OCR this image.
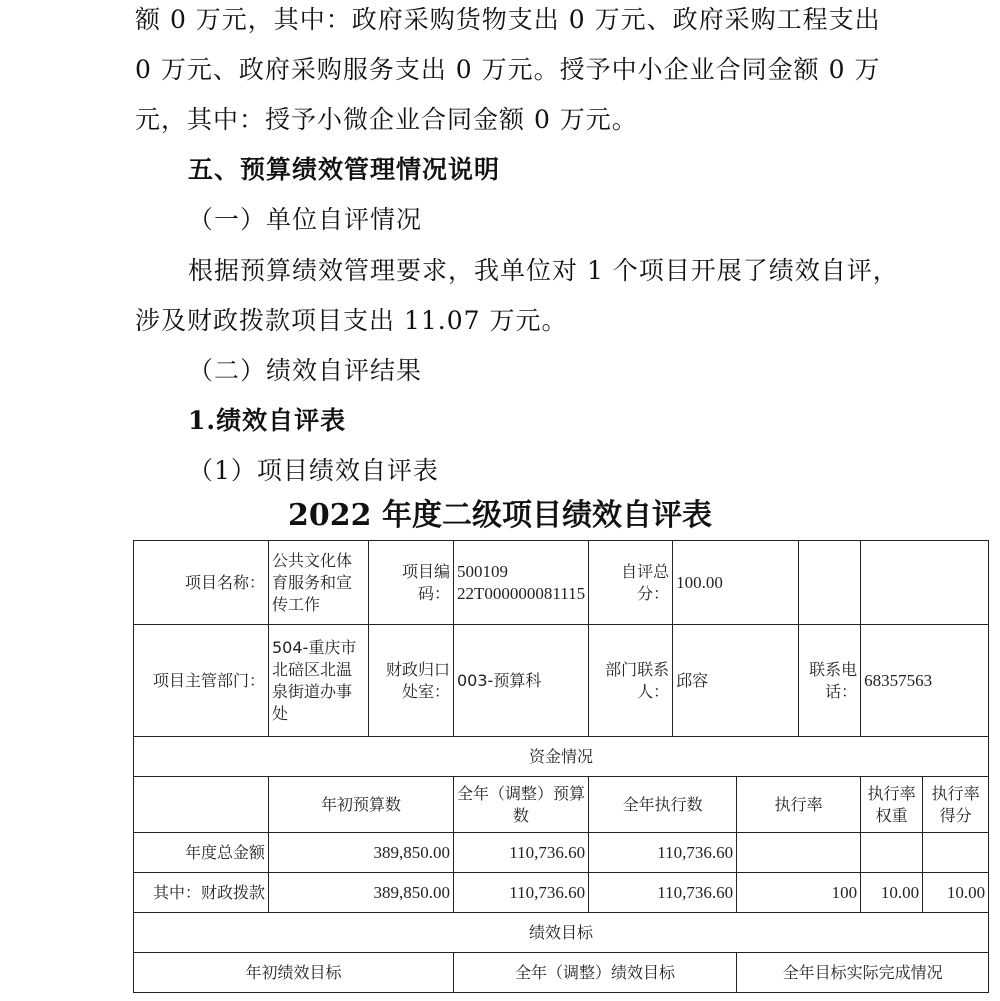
额 0 万元，其中：政府采购货物支出 0 万元、政府采购工程支出
0 万元、政府采购服务支出 0 万元。授予中小企业合同金额 0 万
元，其中：授予小微企业合同金额 0 万元。
五、预算绩效管理情况说明
（一）单位自评情况
根据预算绩效管理要求，我单位对 1 个项目开展了绩效自评，
涉及财政拨款项目支出 11.07 万元。
（二）绩效自评结果
1.绩效自评表
（1）项目绩效自评表
2022 年度二级项目绩效自评表
项目名称：	公共文化体育服务和宣传工作	项目编码：	500109 22T000000081115	自评总分：	100.00				
项目主管部门：	504-重庆市北碚区北温泉街道办事处	财政归口处室：	003-预算科	部门联系人：	邱容		联系电话：	68357563	
资金情况									
	年初预算数		全年（调整）预算数	全年执行数		执行率		执行率权重	执行率得分
年度总金额	389,850.00		110,736.60	110,736.60					
其中：财政拨款	389,850.00		110,736.60	110,736.60		100		10.00	10.00
绩效目标									
年初绩效目标			全年（调整）绩效目标			全年目标实际完成情况			
